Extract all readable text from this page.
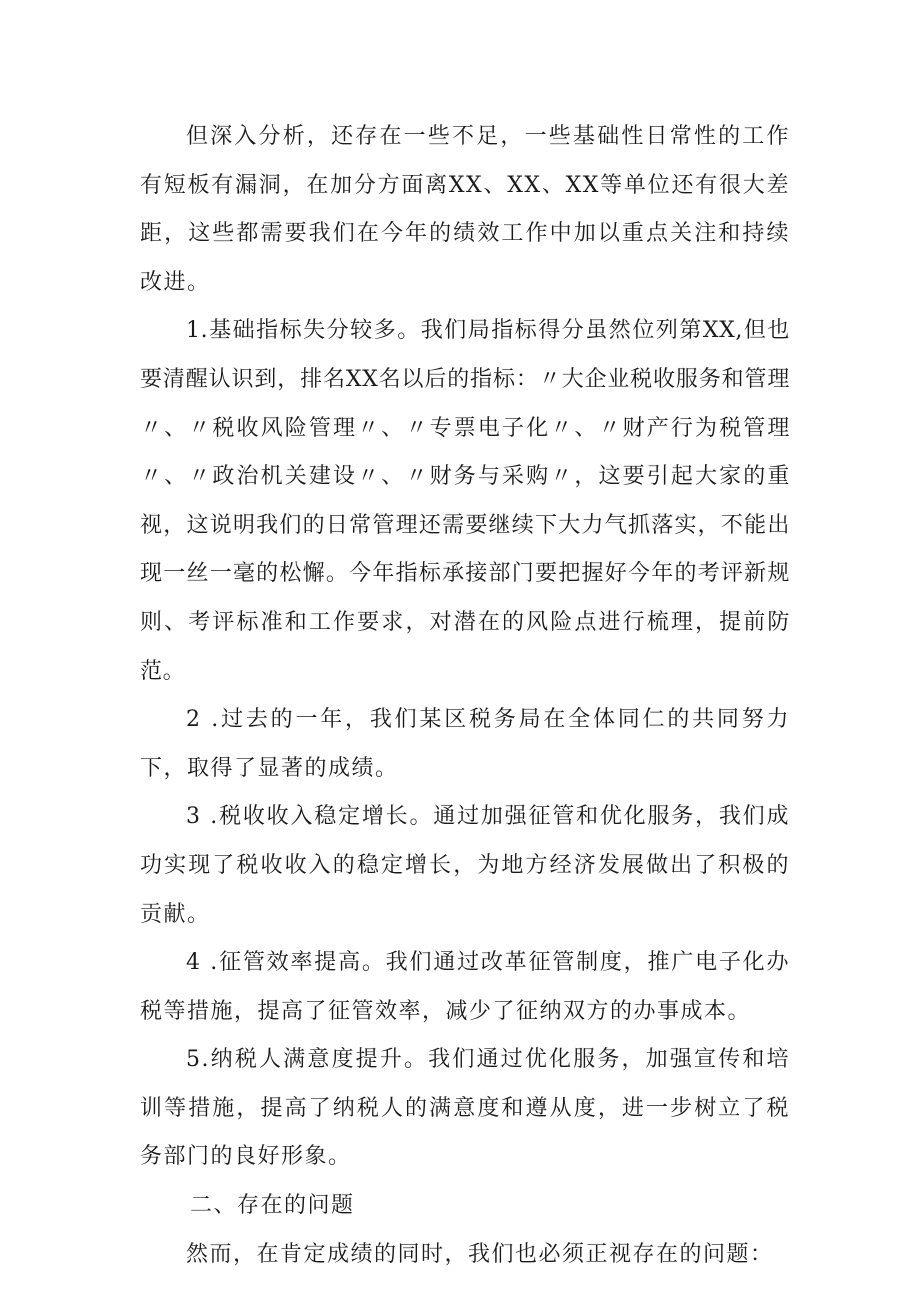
但深入分析，还存在一些不足，一些基础性日常性的工作有短板有漏洞，在加分方面离XX、XX、XX等单位还有很大差距，这些都需要我们在今年的绩效工作中加以重点关注和持续改进。

1.基础指标失分较多。我们局指标得分虽然位列第XX,但也要清醒认识到，排名XX名以后的指标：〃大企业税收服务和管理〃、〃税收风险管理〃、〃专票电子化〃、〃财产行为税管理〃、〃政治机关建设〃、〃财务与采购〃，这要引起大家的重视，这说明我们的日常管理还需要继续下大力气抓落实，不能出现一丝一毫的松懈。今年指标承接部门要把握好今年的考评新规则、考评标准和工作要求，对潜在的风险点进行梳理，提前防范。

2 .过去的一年，我们某区税务局在全体同仁的共同努力下，取得了显著的成绩。

3 .税收收入稳定增长。通过加强征管和优化服务，我们成功实现了税收收入的稳定增长，为地方经济发展做出了积极的贡献。

4 .征管效率提高。我们通过改革征管制度，推广电子化办税等措施，提高了征管效率，减少了征纳双方的办事成本。

5.纳税人满意度提升。我们通过优化服务，加强宣传和培训等措施，提高了纳税人的满意度和遵从度，进一步树立了税务部门的良好形象。

二、存在的问题

然而，在肯定成绩的同时，我们也必须正视存在的问题：
